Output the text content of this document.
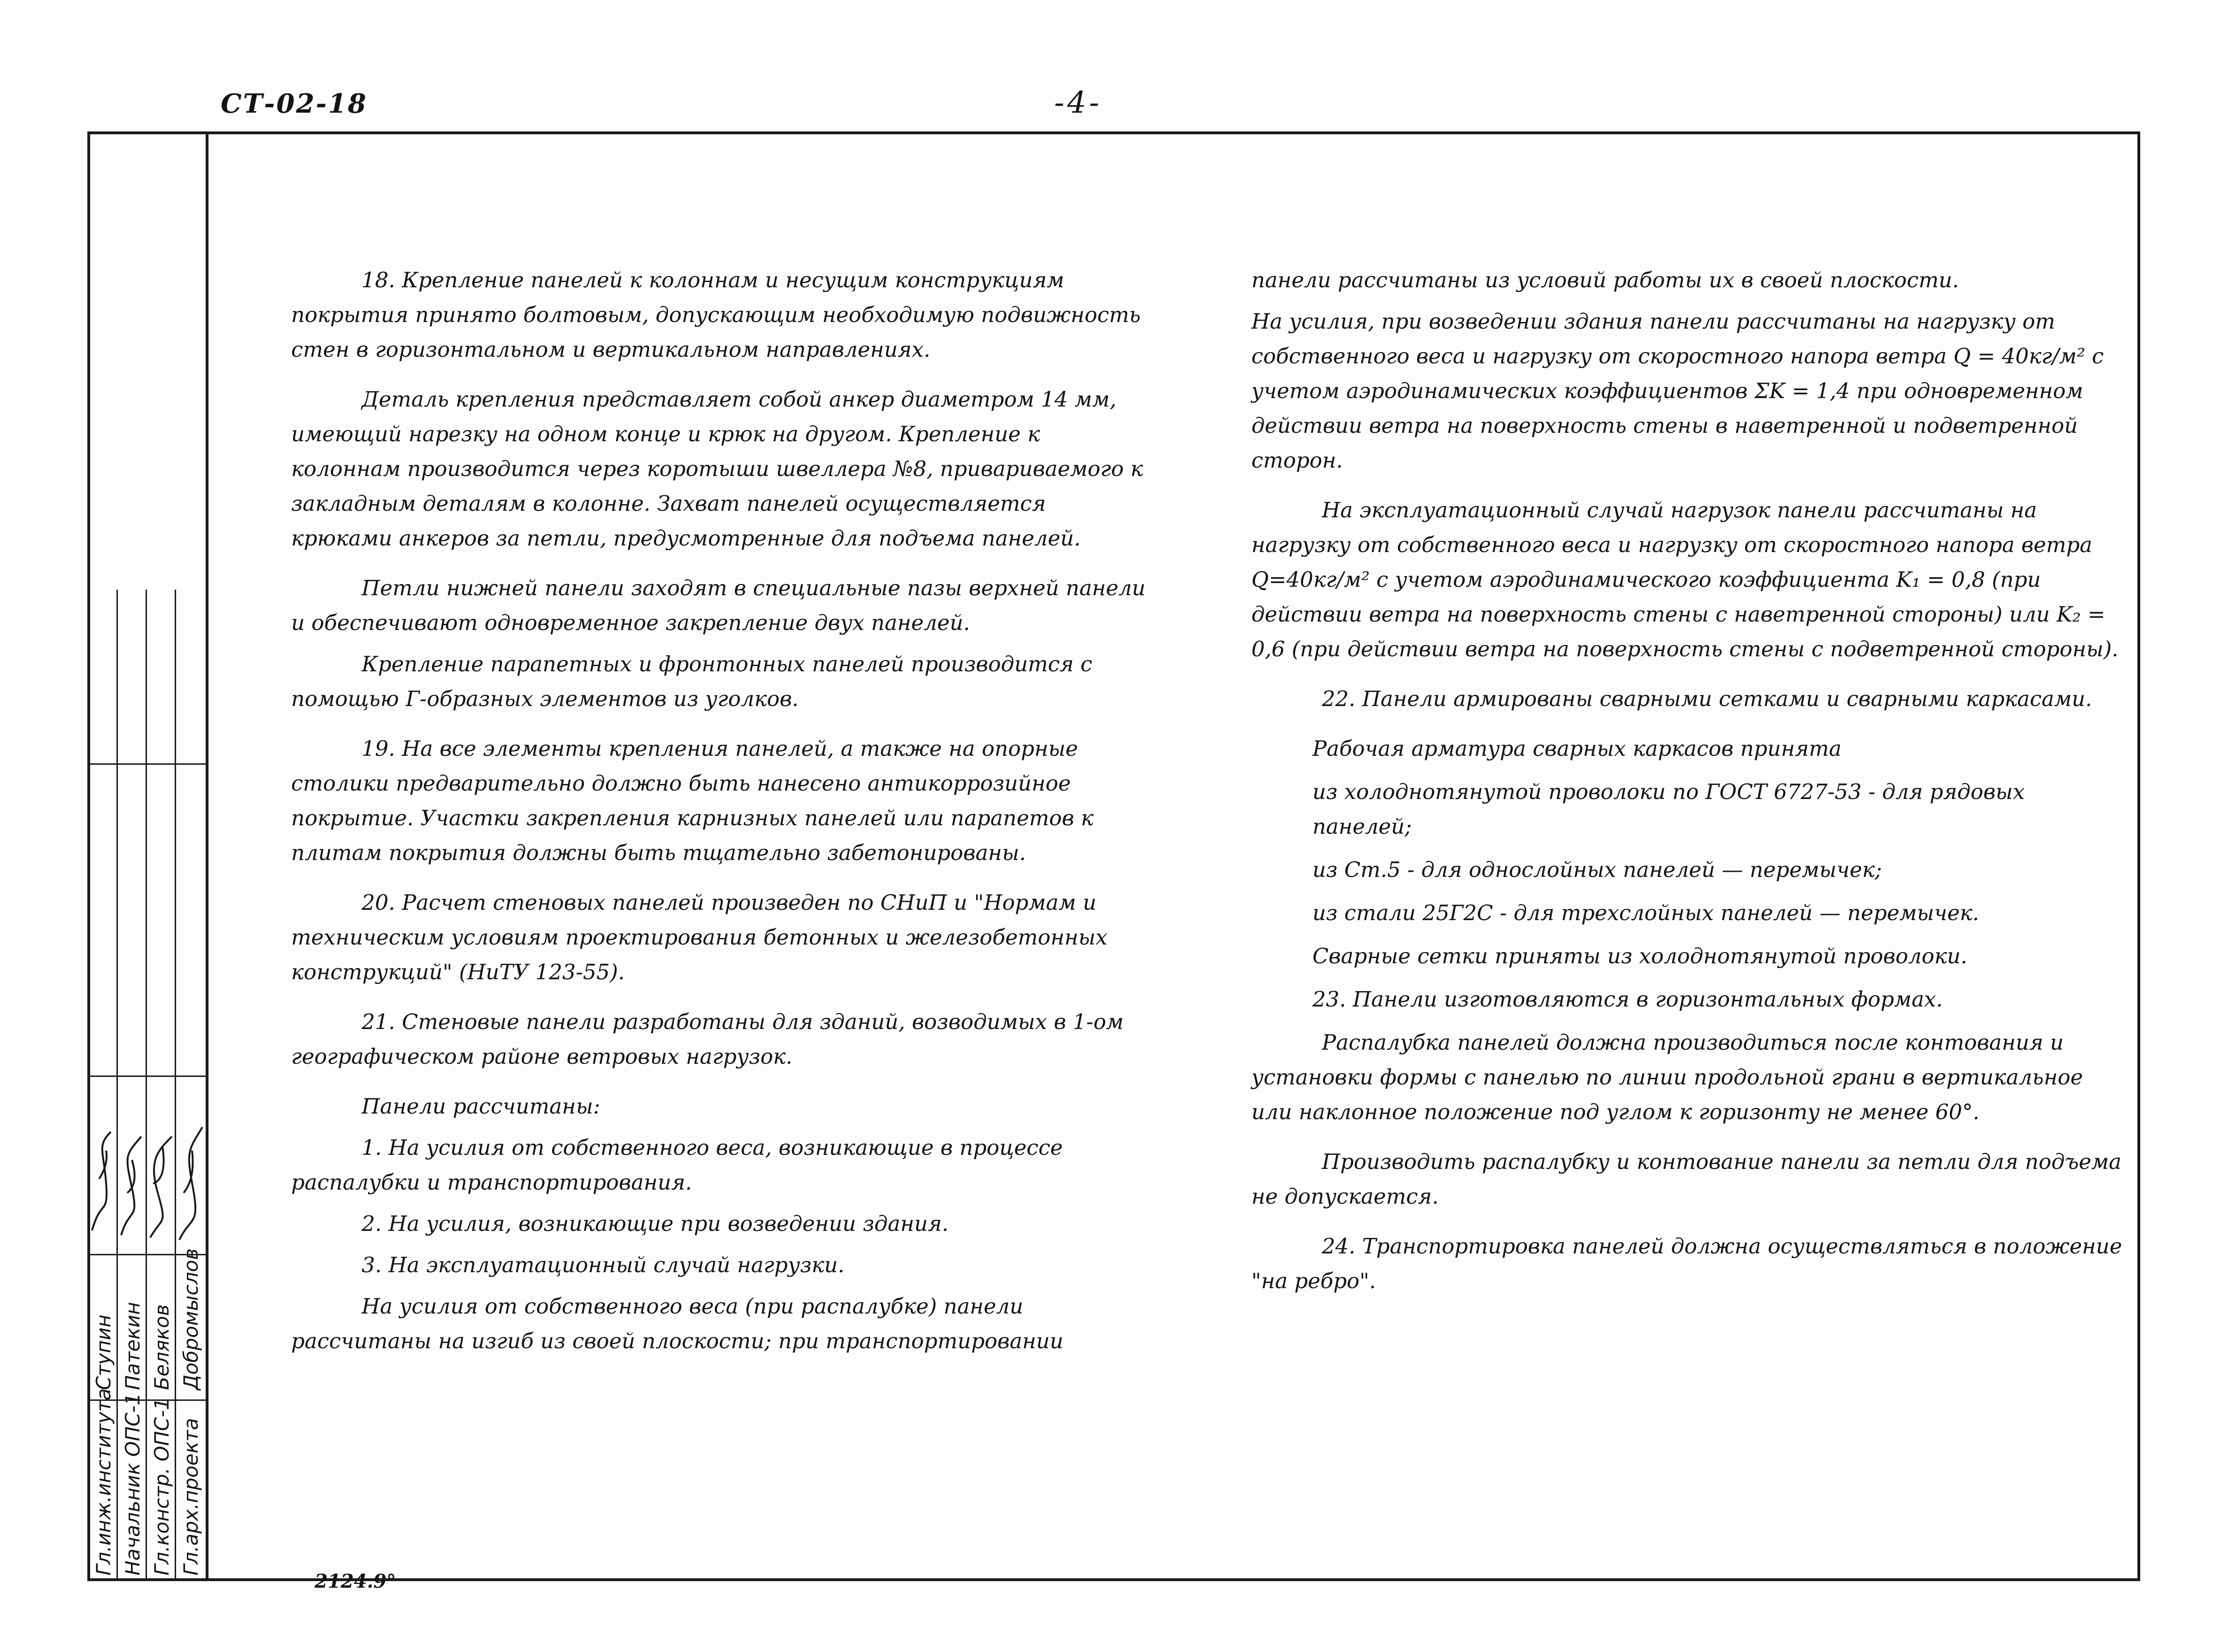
СТ-02-18	-4-
Гл.инж.института Начальник ОПС-1 Гл.констр. ОПС-1 Гл.арх.проекта
Ступин Патекин Беляков Добромыслов

18. Крепление панелей к колоннам и несущим конструкциям покрытия принято болтовым, допускающим необходимую подвижность стен в горизонтальном и вертикальном направлениях.

Деталь крепления представляет собой анкер диаметром 14 мм, имеющий нарезку на одном конце и крюк на другом. Крепление к колоннам производится через коротыши швеллера №8, привариваемого к закладным деталям в колонне. Захват панелей осуществляется крюками анкеров за петли, предусмотренные для подъема панелей.

Петли нижней панели заходят в специальные пазы верхней панели и обеспечивают одновременное закрепление двух панелей.

Крепление парапетных и фронтонных панелей производится с помощью Г-образных элементов из уголков.

19. На все элементы крепления панелей, а также на опорные столики предварительно должно быть нанесено антикоррозийное покрытие. Участки закрепления карнизных панелей или парапетов к плитам покрытия должны быть тщательно забетонированы.

20. Расчет стеновых панелей произведен по СНиП и "Нормам и техническим условиям проектирования бетонных и железобетонных конструкций" (НиТУ 123-55).

21. Стеновые панели разработаны для зданий, возводимых в 1-ом географическом районе ветровых нагрузок.

Панели рассчитаны:

1. На усилия от собственного веса, возникающие в процессе распалубки и транспортирования.

2. На усилия, возникающие при возведении здания.

3. На эксплуатационный случай нагрузки.

На усилия от собственного веса (при распалубке) панели рассчитаны на изгиб из своей плоскости; при транспортировании

панели рассчитаны из условий работы их в своей плоскости.

На усилия, при возведении здания панели рассчитаны на нагрузку от собственного веса и нагрузку от скоростного напора ветра Q = 40кг/м² с учетом аэродинамических коэффициентов ΣK = 1,4 при одновременном действии ветра на поверхность стены в наветренной и подветренной сторон.

На эксплуатационный случай нагрузок панели рассчитаны на нагрузку от собственного веса и нагрузку от скоростного напора ветра Q=40кг/м² с учетом аэродинамического коэффициента K₁ = 0,8 (при действии ветра на поверхность стены с наветренной стороны) или K₂ = 0,6 (при действии ветра на поверхность стены с подветренной стороны).

22. Панели армированы сварными сетками и сварными каркасами.

Рабочая арматура сварных каркасов принята

из холоднотянутой проволоки по ГОСТ 6727-53 - для рядовых панелей;

из Ст.5 - для однослойных панелей — перемычек;

из стали 25Г2С - для трехслойных панелей — перемычек.

Сварные сетки приняты из холоднотянутой проволоки.

23. Панели изготовляются в горизонтальных формах.

Распалубка панелей должна производиться после контования и установки формы с панелью по линии продольной грани в вертикальное или наклонное положение под углом к горизонту не менее 60°.

Производить распалубку и контование панели за петли для подъема не допускается.

24. Транспортировка панелей должна осуществляться в положение "на ребро".

2124.9°
